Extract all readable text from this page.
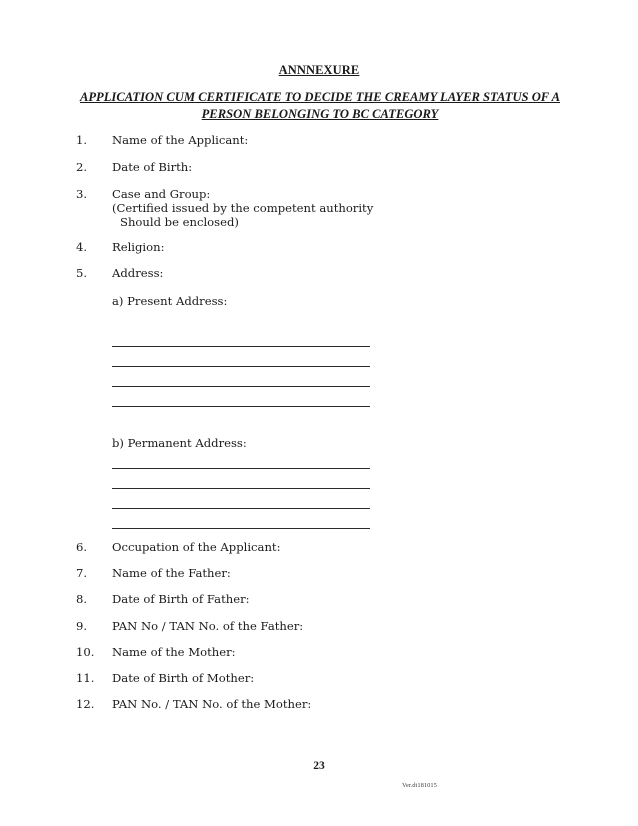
ANNNEXURE
APPLICATION CUM CERTIFICATE TO DECIDE THE CREAMY LAYER STATUS OF A
PERSON BELONGING TO BC CATEGORY
1. Name of the Applicant:
2. Date of Birth:
3. Case and Group:
(Certified issued by the competent authority
Should be enclosed)
4. Religion:
5. Address:
a) Present Address:
b) Permanent Address:
6. Occupation of the Applicant:
7. Name of the Father:
8. Date of Birth of Father:
9. PAN No / TAN No. of the Father:
10. Name of the Mother:
11. Date of Birth of Mother:
12. PAN No. / TAN No. of the Mother:
23
Ver.dt181015
